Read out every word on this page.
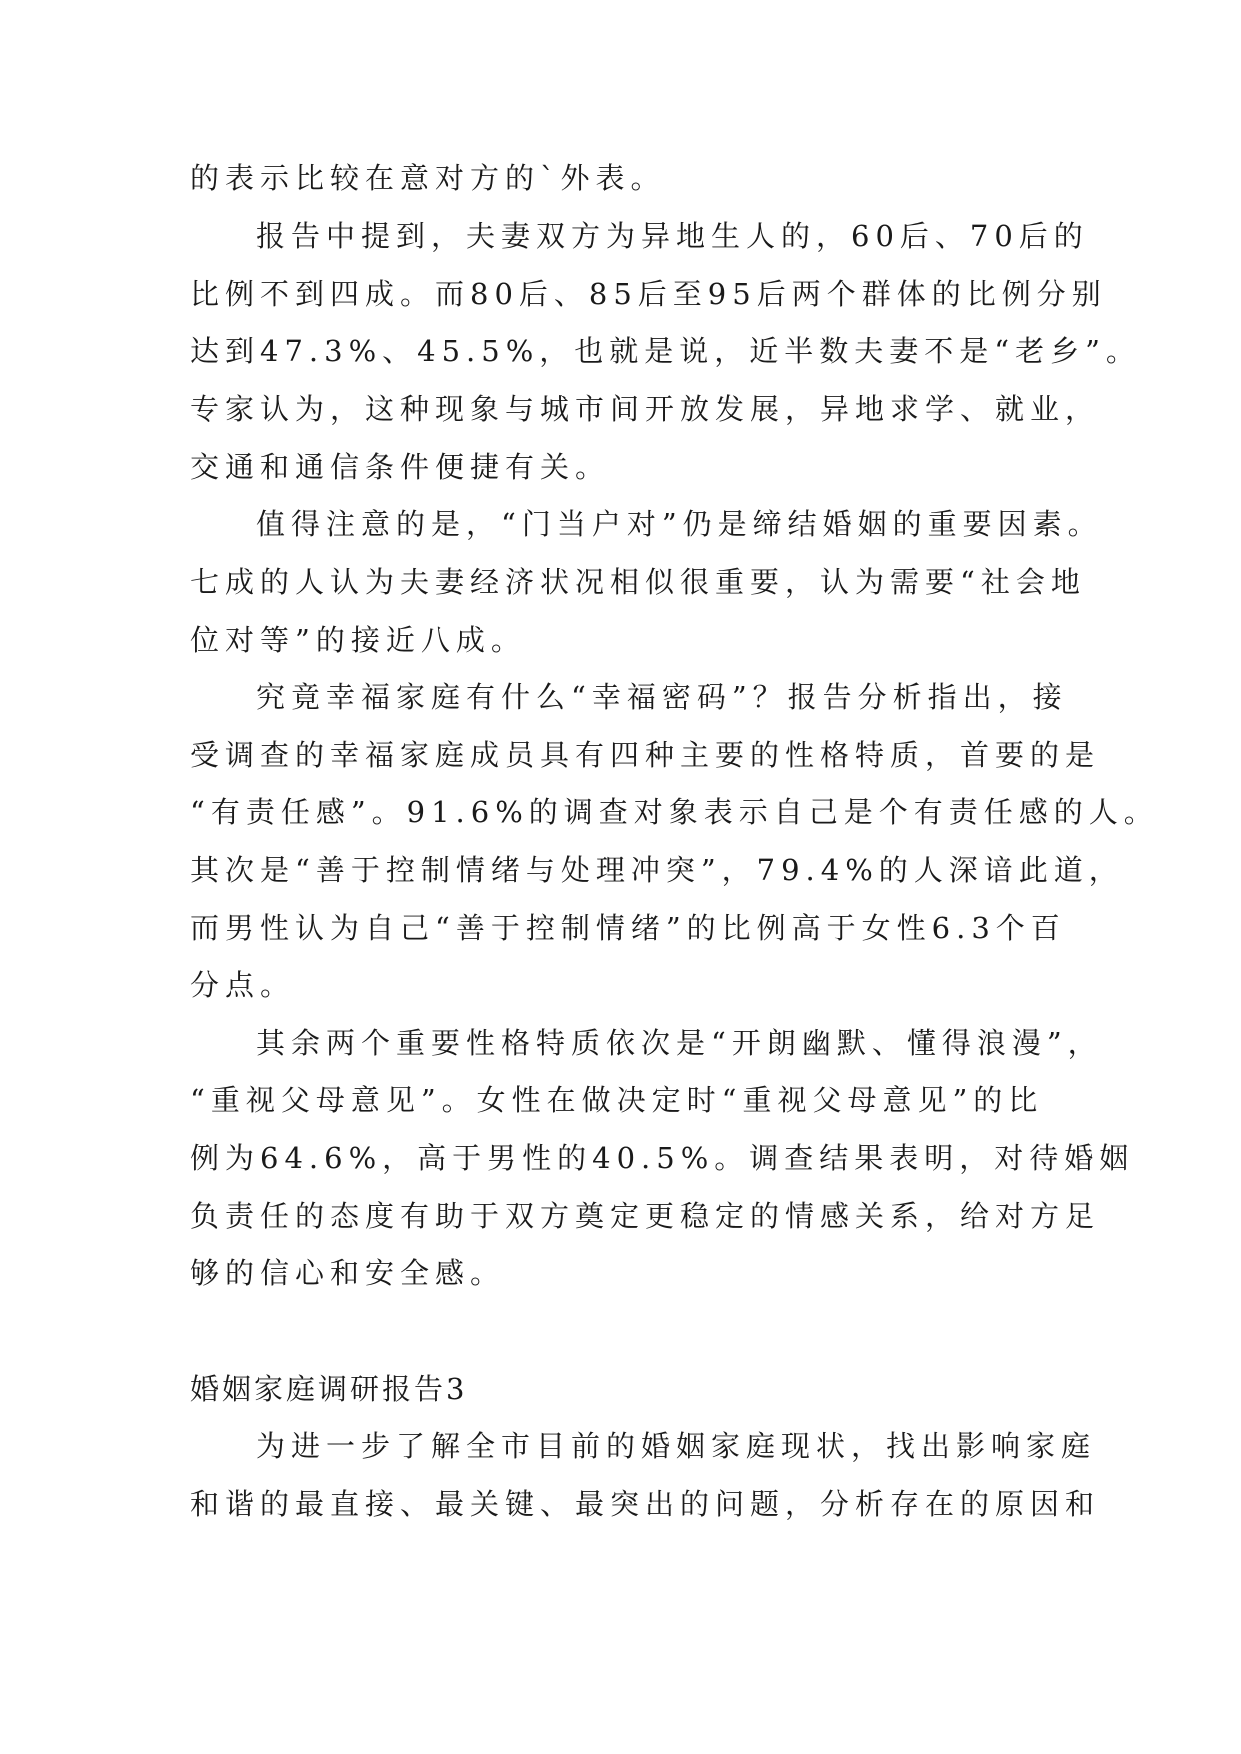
的表示比较在意对方的`外表。
报告中提到，夫妻双方为异地生人的，60后、70后的
比例不到四成。而80后、85后至95后两个群体的比例分别
达到47.3%、45.5%，也就是说，近半数夫妻不是“老乡”。
专家认为，这种现象与城市间开放发展，异地求学、就业，
交通和通信条件便捷有关。
值得注意的是，“门当户对”仍是缔结婚姻的重要因素。
七成的人认为夫妻经济状况相似很重要，认为需要“社会地
位对等”的接近八成。
究竟幸福家庭有什么“幸福密码”？报告分析指出，接
受调查的幸福家庭成员具有四种主要的性格特质，首要的是
“有责任感”。91.6%的调查对象表示自己是个有责任感的人。
其次是“善于控制情绪与处理冲突”，79.4%的人深谙此道，
而男性认为自己“善于控制情绪”的比例高于女性6.3个百
分点。
其余两个重要性格特质依次是“开朗幽默、懂得浪漫”，
“重视父母意见”。女性在做决定时“重视父母意见”的比
例为64.6%，高于男性的40.5%。调查结果表明，对待婚姻
负责任的态度有助于双方奠定更稳定的情感关系，给对方足
够的信心和安全感。
婚姻家庭调研报告3
为进一步了解全市目前的婚姻家庭现状，找出影响家庭
和谐的最直接、最关键、最突出的问题，分析存在的原因和
